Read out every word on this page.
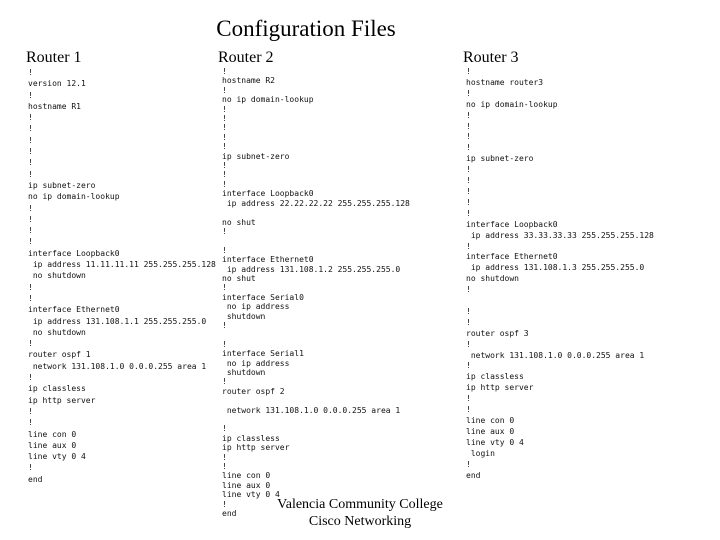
Configuration Files
Router 1	Router 2	Router 3
!
version 12.1
!
hostname R1
!
!
!
!
!
!
ip subnet-zero
no ip domain-lookup
!
!
!
!
interface Loopback0
ip address 11.11.11.11 255.255.255.128
no shutdown
!
!
interface Ethernet0
ip address 131.108.1.1 255.255.255.0
no shutdown
!
router ospf 1
network 131.108.1.0 0.0.0.255 area 1
!
ip classless
ip http server
!
!
line con 0
line aux 0
line vty 0 4
!
end
!
hostname R2
!
no ip domain-lookup
!
!
!
!
!
ip subnet-zero
!
!
!
interface Loopback0
ip address 22.22.22.22 255.255.255.128

no shut
!

!
interface Ethernet0
ip address 131.108.1.2 255.255.255.0
no shut
!
interface Serial0
no ip address
shutdown
!

!
interface Serial1
no ip address
shutdown
!
router ospf 2

network 131.108.1.0 0.0.0.255 area 1

!
ip classless
ip http server
!
!
line con 0
line aux 0
line vty 0 4
!
end
!
hostname router3
!
no ip domain-lookup
!
!
!
!
ip subnet-zero
!
!
!
!
!
interface Loopback0
ip address 33.33.33.33 255.255.255.128
!
interface Ethernet0
ip address 131.108.1.3 255.255.255.0
no shutdown
!

!
!
router ospf 3
!
network 131.108.1.0 0.0.0.255 area 1
!
ip classless
ip http server
!
!
line con 0
line aux 0
line vty 0 4
login
!
end
Valencia Community College
Cisco Networking
